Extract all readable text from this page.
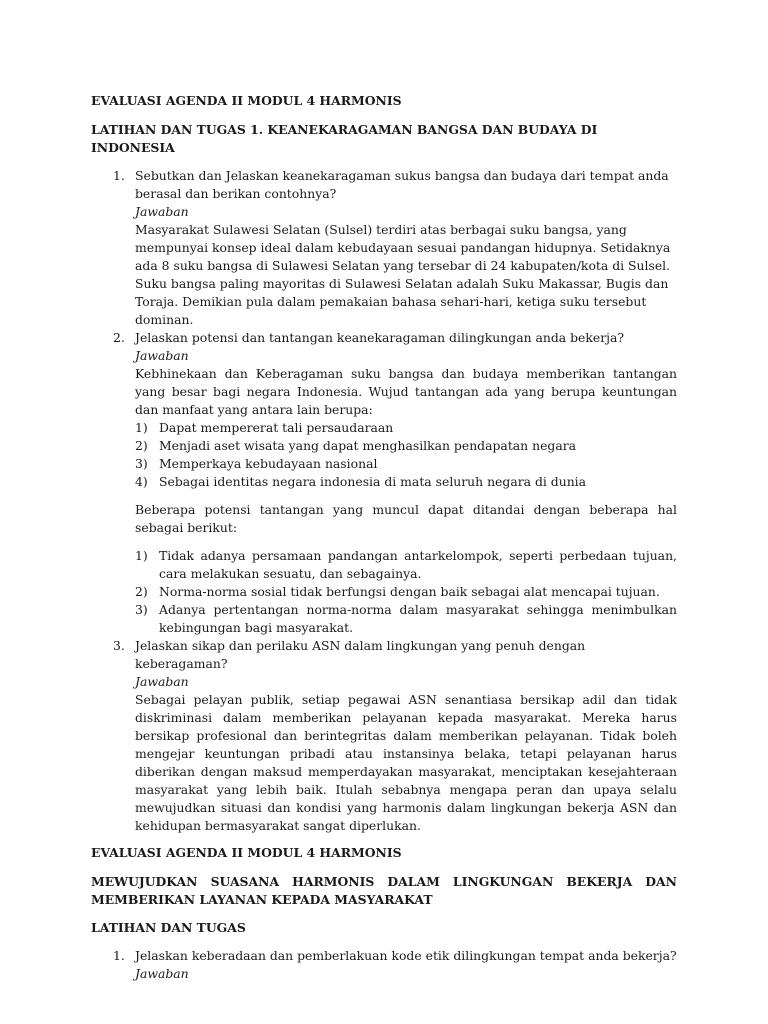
EVALUASI AGENDA II MODUL 4 HARMONIS

LATIHAN DAN TUGAS 1. KEANEKARAGAMAN BANGSA DAN BUDAYA DI INDONESIA

1. Sebutkan dan Jelaskan keanekaragaman sukus bangsa dan budaya dari tempat anda berasal dan berikan contohnya?
Jawaban
Masyarakat Sulawesi Selatan (Sulsel) terdiri atas berbagai suku bangsa, yang mempunyai konsep ideal dalam kebudayaan sesuai pandangan hidupnya. Setidaknya ada 8 suku bangsa di Sulawesi Selatan yang tersebar di 24 kabupaten/kota di Sulsel.
Suku bangsa paling mayoritas di Sulawesi Selatan adalah Suku Makassar, Bugis dan Toraja. Demikian pula dalam pemakaian bahasa sehari-hari, ketiga suku tersebut dominan.
2. Jelaskan potensi dan tantangan keanekaragaman dilingkungan anda bekerja?
Jawaban
Kebhinekaan dan Keberagaman suku bangsa dan budaya memberikan tantangan yang besar bagi negara Indonesia. Wujud tantangan ada yang berupa keuntungan dan manfaat yang antara lain berupa:
1) Dapat mempererat tali persaudaraan
2) Menjadi aset wisata yang dapat menghasilkan pendapatan negara
3) Memperkaya kebudayaan nasional
4) Sebagai identitas negara indonesia di mata seluruh negara di dunia
Beberapa potensi tantangan yang muncul dapat ditandai dengan beberapa hal sebagai berikut:
1) Tidak adanya persamaan pandangan antarkelompok, seperti perbedaan tujuan, cara melakukan sesuatu, dan sebagainya.
2) Norma-norma sosial tidak berfungsi dengan baik sebagai alat mencapai tujuan.
3) Adanya pertentangan norma-norma dalam masyarakat sehingga menimbulkan kebingungan bagi masyarakat.
3. Jelaskan sikap dan perilaku ASN dalam lingkungan yang penuh dengan keberagaman?
Jawaban
Sebagai pelayan publik, setiap pegawai ASN senantiasa bersikap adil dan tidak diskriminasi dalam memberikan pelayanan kepada masyarakat. Mereka harus bersikap profesional dan berintegritas dalam memberikan pelayanan. Tidak boleh mengejar keuntungan pribadi atau instansinya belaka, tetapi pelayanan harus diberikan dengan maksud memperdayakan masyarakat, menciptakan kesejahteraan masyarakat yang lebih baik. Itulah sebabnya mengapa peran dan upaya selalu mewujudkan situasi dan kondisi yang harmonis dalam lingkungan bekerja ASN dan kehidupan bermasyarakat sangat diperlukan.

EVALUASI AGENDA II MODUL 4 HARMONIS

MEWUJUDKAN SUASANA HARMONIS DALAM LINGKUNGAN BEKERJA DAN MEMBERIKAN LAYANAN KEPADA MASYARAKAT

LATIHAN DAN TUGAS

1. Jelaskan keberadaan dan pemberlakuan kode etik dilingkungan tempat anda bekerja?
Jawaban
